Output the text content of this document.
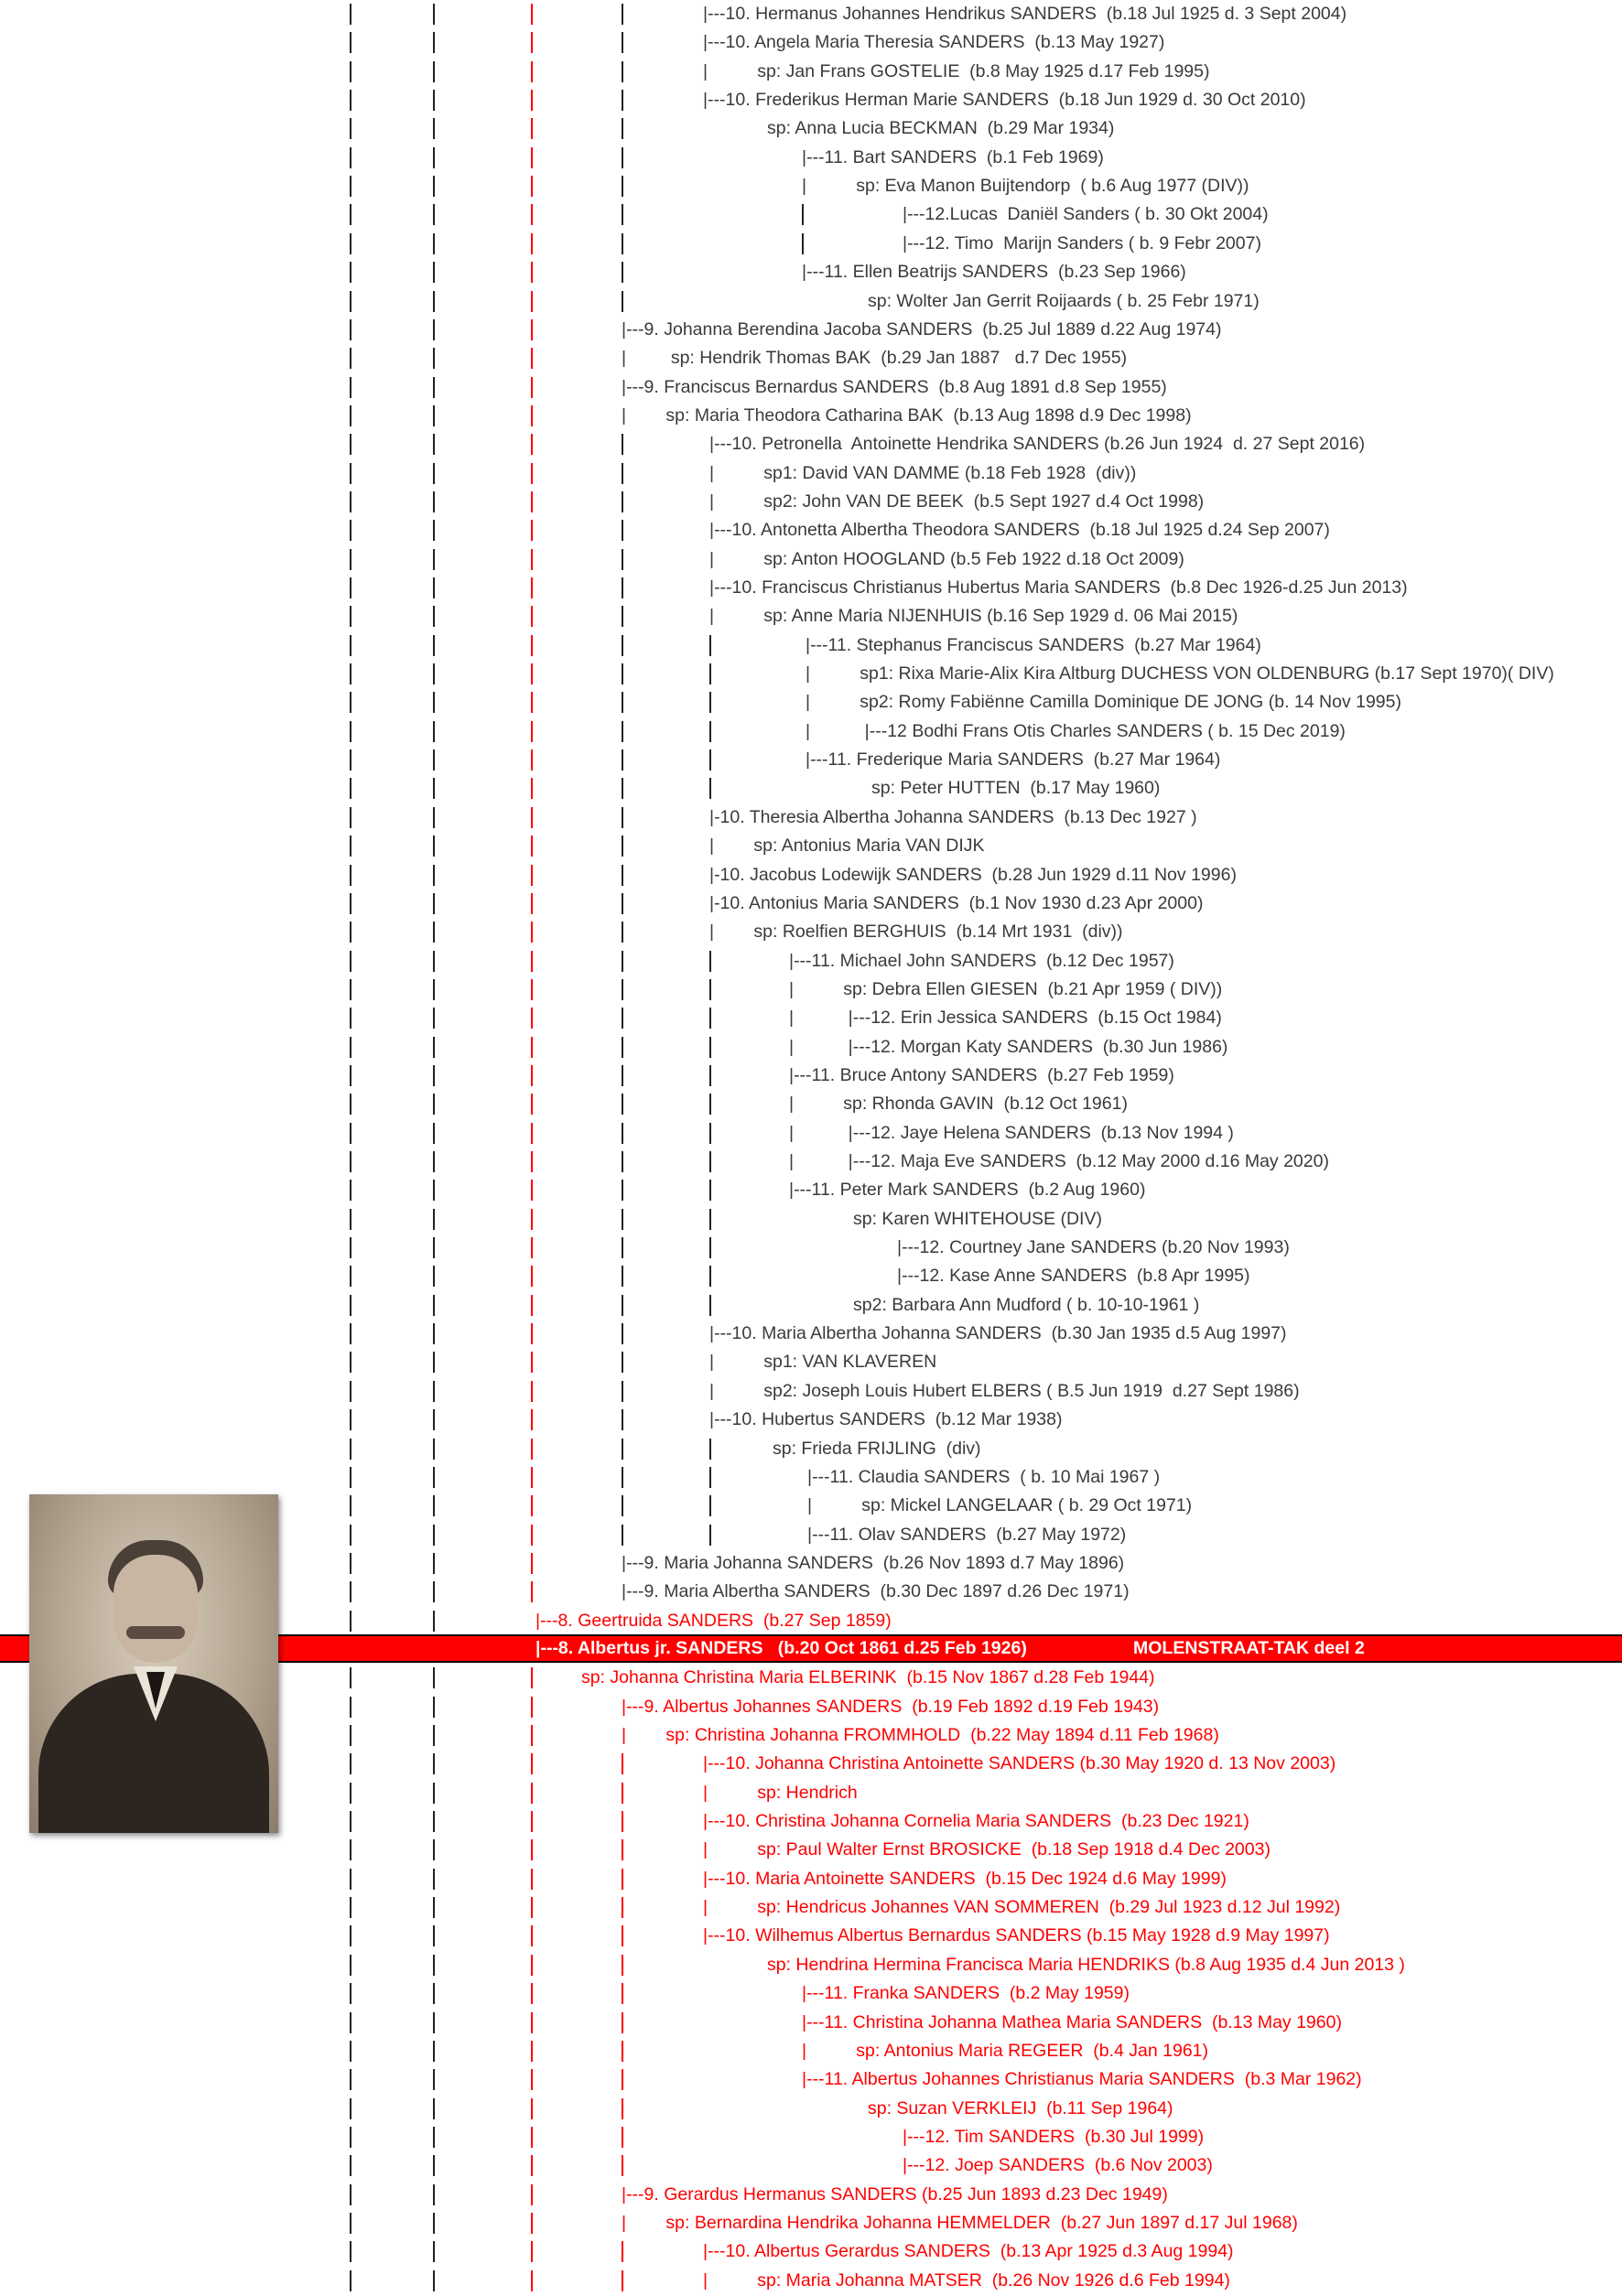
|---10. Hermanus Johannes Hendrikus SANDERS  (b.18 Jul 1925 d. 3 Sept 2004)
|---10. Angela Maria Theresia SANDERS  (b.13 May 1927)
|          sp: Jan Frans GOSTELIE  (b.8 May 1925 d.17 Feb 1995)
|---10. Frederikus Herman Marie SANDERS  (b.18 Jun 1929 d. 30 Oct 2010)
sp: Anna Lucia BECKMAN  (b.29 Mar 1934)
|---11. Bart SANDERS  (b.1 Feb 1969)
|          sp: Eva Manon Buijtendorp  ( b.6 Aug 1977 (DIV))
|---12.Lucas  Daniël Sanders ( b. 30 Okt 2004)
|---12. Timo  Marijn Sanders ( b. 9 Febr 2007)
|---11. Ellen Beatrijs SANDERS  (b.23 Sep 1966)
sp: Wolter Jan Gerrit Roijaards ( b. 25 Febr 1971)
|---9. Johanna Berendina Jacoba SANDERS  (b.25 Jul 1889 d.22 Aug 1974)
|         sp: Hendrik Thomas BAK  (b.29 Jan 1887   d.7 Dec 1955)
|---9. Franciscus Bernardus SANDERS  (b.8 Aug 1891 d.8 Sep 1955)
|        sp: Maria Theodora Catharina BAK  (b.13 Aug 1898 d.9 Dec 1998)
|---10. Petronella  Antoinette Hendrika SANDERS (b.26 Jun 1924  d. 27 Sept 2016)
|          sp1: David VAN DAMME (b.18 Feb 1928  (div))
|          sp2: John VAN DE BEEK  (b.5 Sept 1927 d.4 Oct 1998)
|---10. Antonetta Albertha Theodora SANDERS  (b.18 Jul 1925 d.24 Sep 2007)
|          sp: Anton HOOGLAND (b.5 Feb 1922 d.18 Oct 2009)
|---10. Franciscus Christianus Hubertus Maria SANDERS  (b.8 Dec 1926-d.25 Jun 2013)
|          sp: Anne Maria NIJENHUIS (b.16 Sep 1929 d. 06 Mai 2015)
|---11. Stephanus Franciscus SANDERS  (b.27 Mar 1964)
|          sp1: Rixa Marie-Alix Kira Altburg DUCHESS VON OLDENBURG (b.17 Sept 1970)( DIV)
|          sp2: Romy Fabiënne Camilla Dominique DE JONG (b. 14 Nov 1995)
|           |---12 Bodhi Frans Otis Charles SANDERS ( b. 15 Dec 2019)
|---11. Frederique Maria SANDERS  (b.27 Mar 1964)
sp: Peter HUTTEN  (b.17 May 1960)
|-10. Theresia Albertha Johanna SANDERS  (b.13 Dec 1927 )
|        sp: Antonius Maria VAN DIJK
|-10. Jacobus Lodewijk SANDERS  (b.28 Jun 1929 d.11 Nov 1996)
|-10. Antonius Maria SANDERS  (b.1 Nov 1930 d.23 Apr 2000)
|        sp: Roelfien BERGHUIS  (b.14 Mrt 1931  (div))
|---11. Michael John SANDERS  (b.12 Dec 1957)
|          sp: Debra Ellen GIESEN  (b.21 Apr 1959 ( DIV))
|           |---12. Erin Jessica SANDERS  (b.15 Oct 1984)
|           |---12. Morgan Katy SANDERS  (b.30 Jun 1986)
|---11. Bruce Antony SANDERS  (b.27 Feb 1959)
|          sp: Rhonda GAVIN  (b.12 Oct 1961)
|           |---12. Jaye Helena SANDERS  (b.13 Nov 1994 )
|           |---12. Maja Eve SANDERS  (b.12 May 2000 d.16 May 2020)
|---11. Peter Mark SANDERS  (b.2 Aug 1960)
sp: Karen WHITEHOUSE (DIV)
|---12. Courtney Jane SANDERS (b.20 Nov 1993)
|---12. Kase Anne SANDERS  (b.8 Apr 1995)
sp2: Barbara Ann Mudford ( b. 10-10-1961 )
|---10. Maria Albertha Johanna SANDERS  (b.30 Jan 1935 d.5 Aug 1997)
|          sp1: VAN KLAVEREN
|          sp2: Joseph Louis Hubert ELBERS ( B.5 Jun 1919  d.27 Sept 1986)
|---10. Hubertus SANDERS  (b.12 Mar 1938)
sp: Frieda FRIJLING  (div)
|---11. Claudia SANDERS  ( b. 10 Mai 1967 )
|          sp: Mickel LANGELAAR ( b. 29 Oct 1971)
|---11. Olav SANDERS  (b.27 May 1972)
|---9. Maria Johanna SANDERS  (b.26 Nov 1893 d.7 May 1896)
|---9. Maria Albertha SANDERS  (b.30 Dec 1897 d.26 Dec 1971)
|---8. Geertruida SANDERS  (b.27 Sep 1859)
sp: Johanna Christina Maria ELBERINK  (b.15 Nov 1867 d.28 Feb 1944)
|---9. Albertus Johannes SANDERS  (b.19 Feb 1892 d.19 Feb 1943)
|        sp: Christina Johanna FROMMHOLD  (b.22 May 1894 d.11 Feb 1968)
|---10. Johanna Christina Antoinette SANDERS (b.30 May 1920 d. 13 Nov 2003)
|          sp: Hendrich
|---10. Christina Johanna Cornelia Maria SANDERS  (b.23 Dec 1921)
|          sp: Paul Walter Ernst BROSICKE  (b.18 Sep 1918 d.4 Dec 2003)
|---10. Maria Antoinette SANDERS  (b.15 Dec 1924 d.6 May 1999)
|          sp: Hendricus Johannes VAN SOMMEREN  (b.29 Jul 1923 d.12 Jul 1992)
|---10. Wilhemus Albertus Bernardus SANDERS (b.15 May 1928 d.9 May 1997)
sp: Hendrina Hermina Francisca Maria HENDRIKS (b.8 Aug 1935 d.4 Jun 2013 )
|---11. Franka SANDERS  (b.2 May 1959)
|---11. Christina Johanna Mathea Maria SANDERS  (b.13 May 1960)
|          sp: Antonius Maria REGEER  (b.4 Jan 1961)
|---11. Albertus Johannes Christianus Maria SANDERS  (b.3 Mar 1962)
sp: Suzan VERKLEIJ  (b.11 Sep 1964)
|---12. Tim SANDERS  (b.30 Jul 1999)
|---12. Joep SANDERS  (b.6 Nov 2003)
|---9. Gerardus Hermanus SANDERS (b.25 Jun 1893 d.23 Dec 1949)
|        sp: Bernardina Hendrika Johanna HEMMELDER  (b.27 Jun 1897 d.17 Jul 1968)
|---10. Albertus Gerardus SANDERS  (b.13 Apr 1925 d.3 Aug 1994)
|          sp: Maria Johanna MATSER  (b.26 Nov 1926 d.6 Feb 1994)
|---8. Albertus jr. SANDERS   (b.20 Oct 1861 d.25 Feb 1926)	MOLENSTRAAT-TAK deel 2
